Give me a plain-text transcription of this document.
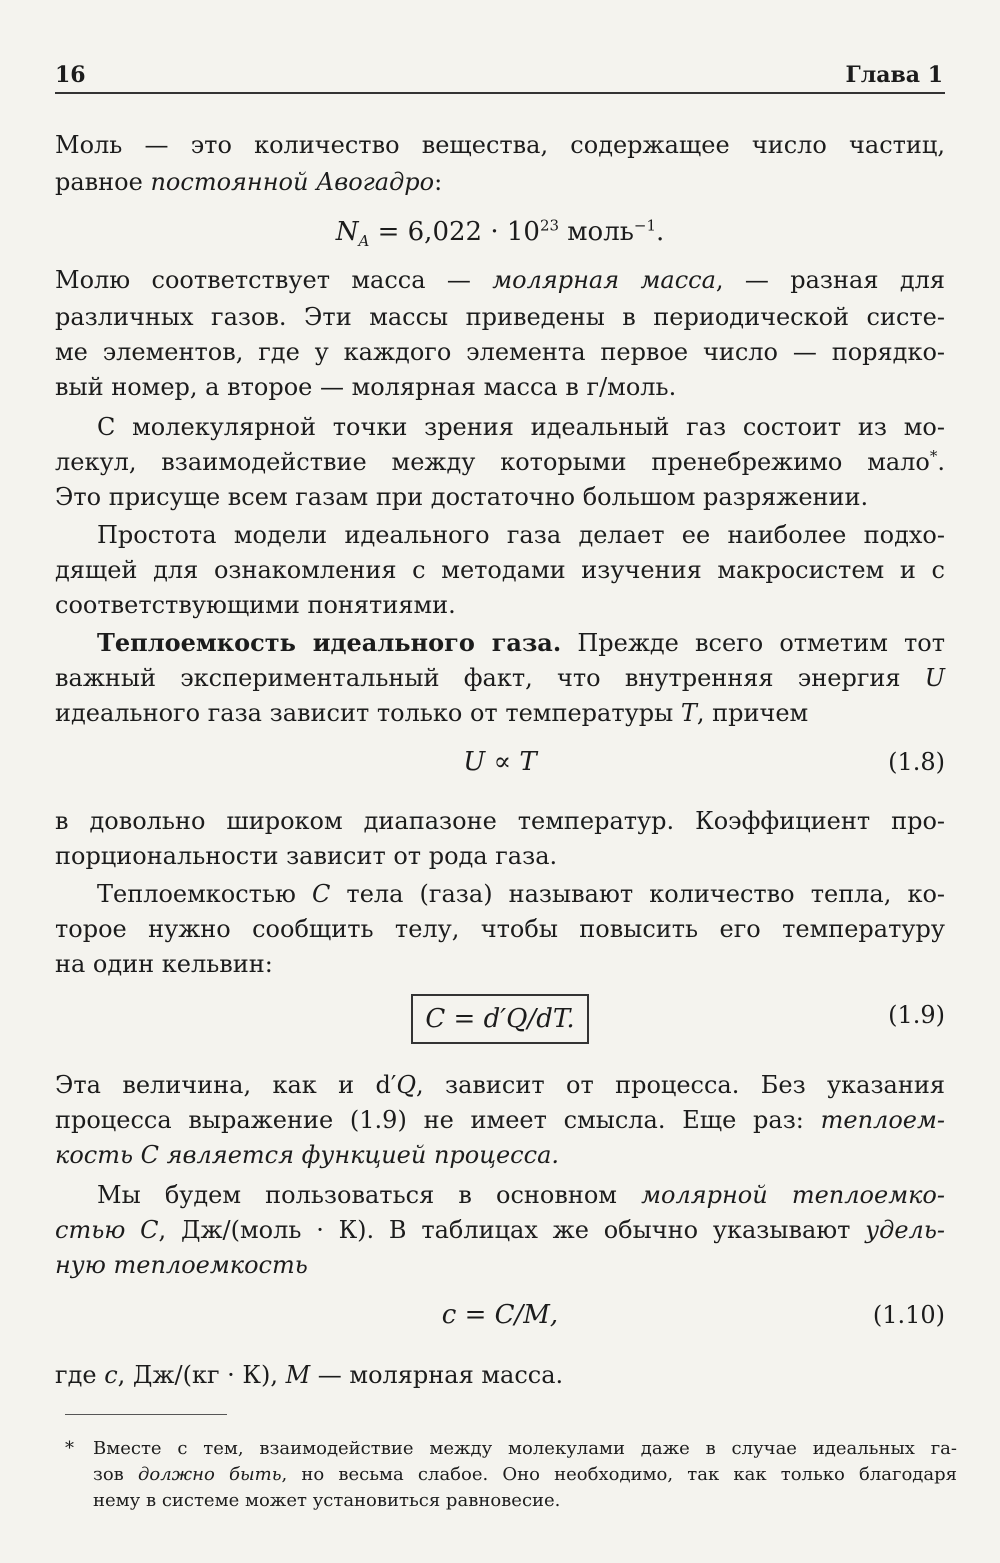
16	Глава 1
Моль — это количество вещества, содержащее число частиц,
равное постоянной Авогадро:
$N_A = 6,022 \cdot 10^{23}$ моль$^{-1}$.
Молю соответствует масса — молярная масса, — разная для
различных газов. Эти массы приведены в периодической систе-
ме элементов, где у каждого элемента первое число — порядко-
вый номер, а второе — молярная масса в г/моль.
С молекулярной точки зрения идеальный газ состоит из мо-
лекул, взаимодействие между которыми пренебрежимо мало*.
Это присуще всем газам при достаточно большом разряжении.
Простота модели идеального газа делает ее наиболее подхо-
дящей для ознакомления с методами изучения макросистем и с
соответствующими понятиями.
Теплоемкость идеального газа. Прежде всего отметим тот
важный экспериментальный факт, что внутренняя энергия U
идеального газа зависит только от температуры T, причем
U ∝ T	(1.8)
в довольно широком диапазоне температур. Коэффициент про-
порциональности зависит от рода газа.
Теплоемкостью C тела (газа) называют количество тепла, ко-
торое нужно сообщить телу, чтобы повысить его температуру
на один кельвин:
C = d′Q/dT.	(1.9)
Эта величина, как и d′Q, зависит от процесса. Без указания
процесса выражение (1.9) не имеет смысла. Еще раз: теплоем-
кость C является функцией процесса.
Мы будем пользоваться в основном молярной теплоемко-
стью C, Дж/(моль · К). В таблицах же обычно указывают удель-
ную теплоемкость
c = C/M,	(1.10)
где c, Дж/(кг · К), M — молярная масса.
* Вместе с тем, взаимодействие между молекулами даже в случае идеальных га-
зов должно быть, но весьма слабое. Оно необходимо, так как только благодаря
нему в системе может установиться равновесие.
